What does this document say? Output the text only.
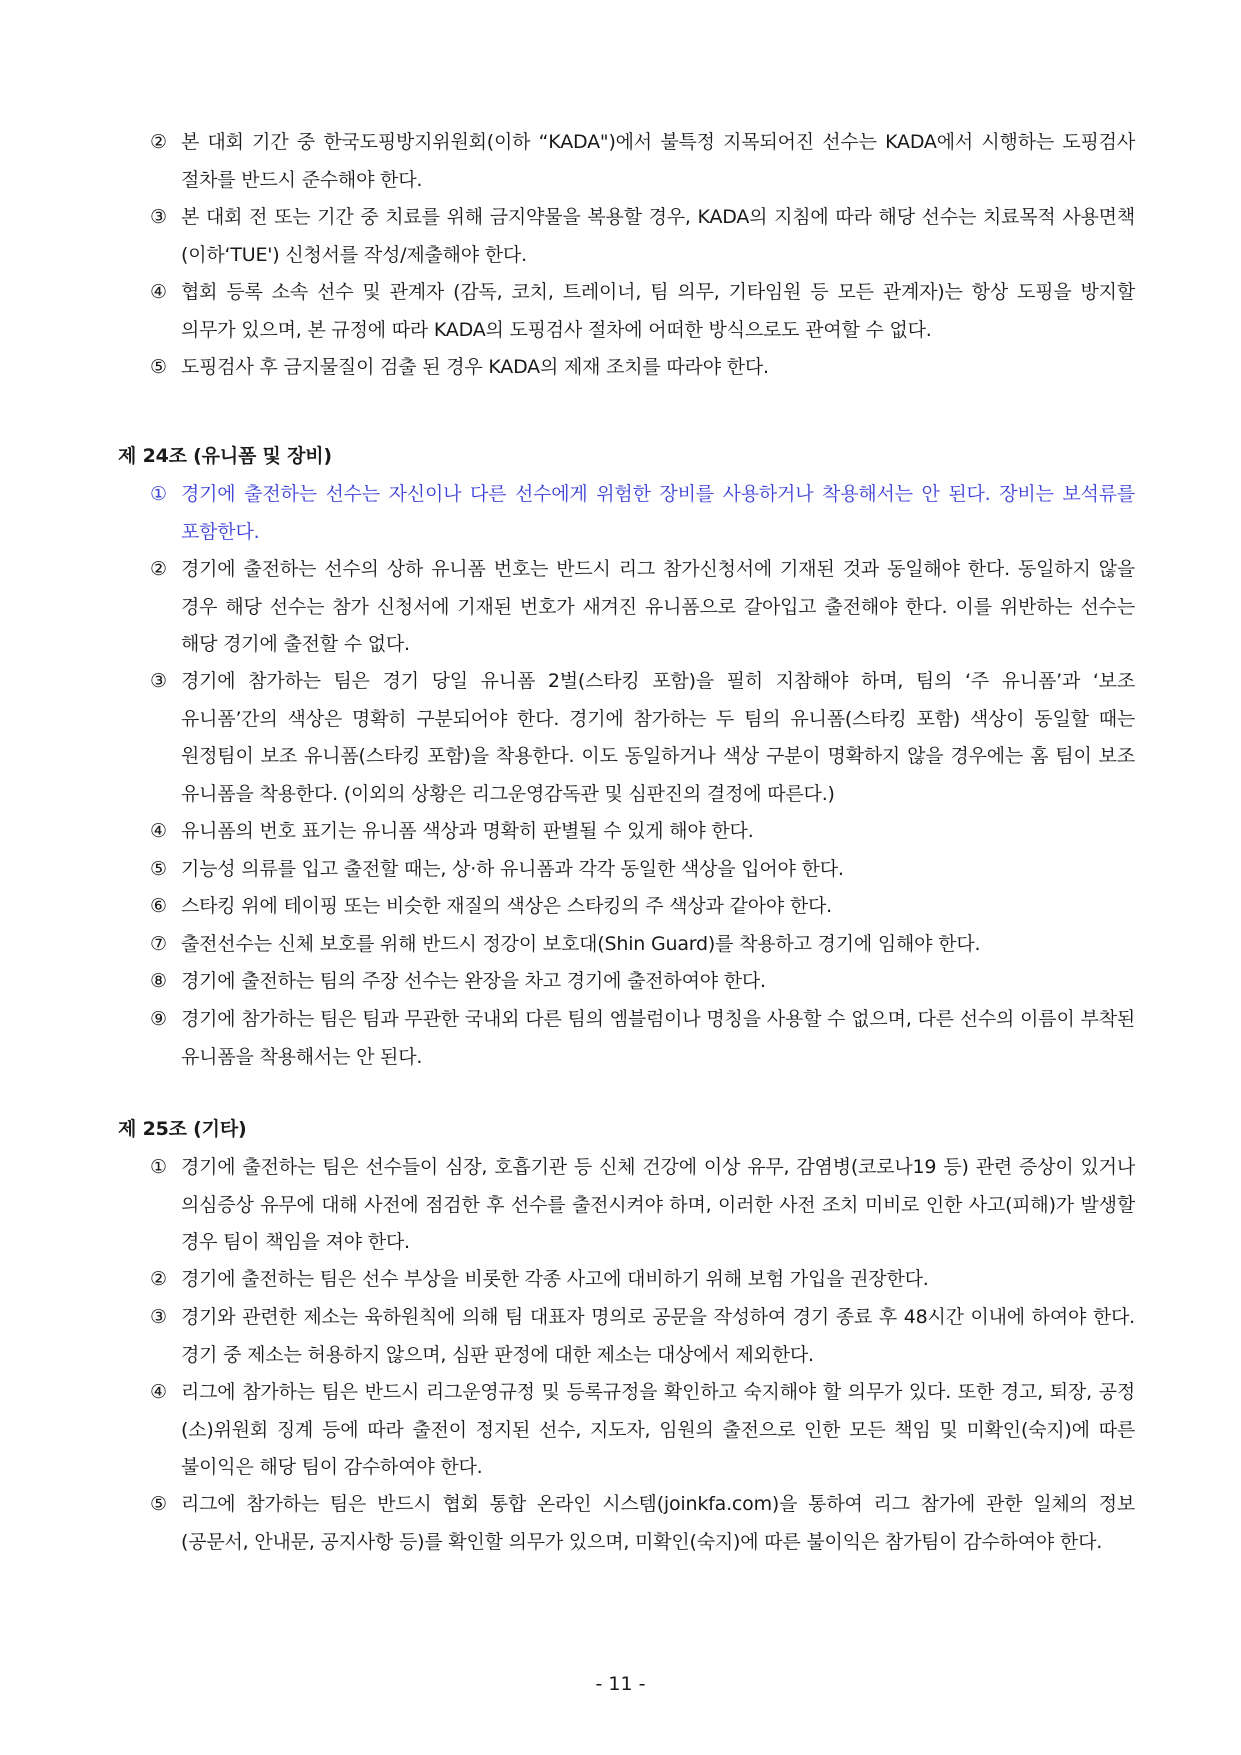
② 본 대회 기간 중 한국도핑방지위원회(이하 “KADA")에서 불특정 지목되어진 선수는 KADA에서 시행하는 도핑검사 절차를 반드시 준수해야 한다.
③ 본 대회 전 또는 기간 중 치료를 위해 금지약물을 복용할 경우, KADA의 지침에 따라 해당 선수는 치료목적 사용면책(이하‘TUE') 신청서를 작성/제출해야 한다.
④ 협회 등록 소속 선수 및 관계자 (감독, 코치, 트레이너, 팀 의무, 기타임원 등 모든 관계자)는 항상 도핑을 방지할 의무가 있으며, 본 규정에 따라 KADA의 도핑검사 절차에 어떠한 방식으로도 관여할 수 없다.
⑤ 도핑검사 후 금지물질이 검출 된 경우 KADA의 제재 조치를 따라야 한다.
제 24조 (유니폼 및 장비)
① 경기에 출전하는 선수는 자신이나 다른 선수에게 위험한 장비를 사용하거나 착용해서는 안 된다. 장비는 보석류를 포함한다.
② 경기에 출전하는 선수의 상하 유니폼 번호는 반드시 리그 참가신청서에 기재된 것과 동일해야 한다. 동일하지 않을 경우 해당 선수는 참가 신청서에 기재된 번호가 새겨진 유니폼으로 갈아입고 출전해야 한다. 이를 위반하는 선수는 해당 경기에 출전할 수 없다.
③ 경기에 참가하는 팀은 경기 당일 유니폼 2벌(스타킹 포함)을 필히 지참해야 하며, 팀의 ‘주 유니폼’과 ‘보조 유니폼’간의 색상은 명확히 구분되어야 한다. 경기에 참가하는 두 팀의 유니폼(스타킹 포함) 색상이 동일할 때는 원정팀이 보조 유니폼(스타킹 포함)을 착용한다. 이도 동일하거나 색상 구분이 명확하지 않을 경우에는 홈 팀이 보조 유니폼을 착용한다. (이외의 상황은 리그운영감독관 및 심판진의 결정에 따른다.)
④ 유니폼의 번호 표기는 유니폼 색상과 명확히 판별될 수 있게 해야 한다.
⑤ 기능성 의류를 입고 출전할 때는, 상·하 유니폼과 각각 동일한 색상을 입어야 한다.
⑥ 스타킹 위에 테이핑 또는 비슷한 재질의 색상은 스타킹의 주 색상과 같아야 한다.
⑦ 출전선수는 신체 보호를 위해 반드시 정강이 보호대(Shin Guard)를 착용하고 경기에 임해야 한다.
⑧ 경기에 출전하는 팀의 주장 선수는 완장을 차고 경기에 출전하여야 한다.
⑨ 경기에 참가하는 팀은 팀과 무관한 국내외 다른 팀의 엠블럼이나 명칭을 사용할 수 없으며, 다른 선수의 이름이 부착된 유니폼을 착용해서는 안 된다.
제 25조 (기타)
① 경기에 출전하는 팀은 선수들이 심장, 호흡기관 등 신체 건강에 이상 유무, 감염병(코로나19 등) 관련 증상이 있거나 의심증상 유무에 대해 사전에 점검한 후 선수를 출전시켜야 하며, 이러한 사전 조치 미비로 인한 사고(피해)가 발생할 경우 팀이 책임을 져야 한다.
② 경기에 출전하는 팀은 선수 부상을 비롯한 각종 사고에 대비하기 위해 보험 가입을 권장한다.
③ 경기와 관련한 제소는 육하원칙에 의해 팀 대표자 명의로 공문을 작성하여 경기 종료 후 48시간 이내에 하여야 한다. 경기 중 제소는 허용하지 않으며, 심판 판정에 대한 제소는 대상에서 제외한다.
④ 리그에 참가하는 팀은 반드시 리그운영규정 및 등록규정을 확인하고 숙지해야 할 의무가 있다. 또한 경고, 퇴장, 공정(소)위원회 징계 등에 따라 출전이 정지된 선수, 지도자, 임원의 출전으로 인한 모든 책임 및 미확인(숙지)에 따른 불이익은 해당 팀이 감수하여야 한다.
⑤ 리그에 참가하는 팀은 반드시 협회 통합 온라인 시스템(joinkfa.com)을 통하여 리그 참가에 관한 일체의 정보(공문서, 안내문, 공지사항 등)를 확인할 의무가 있으며, 미확인(숙지)에 따른 불이익은 참가팀이 감수하여야 한다.
- 11 -
